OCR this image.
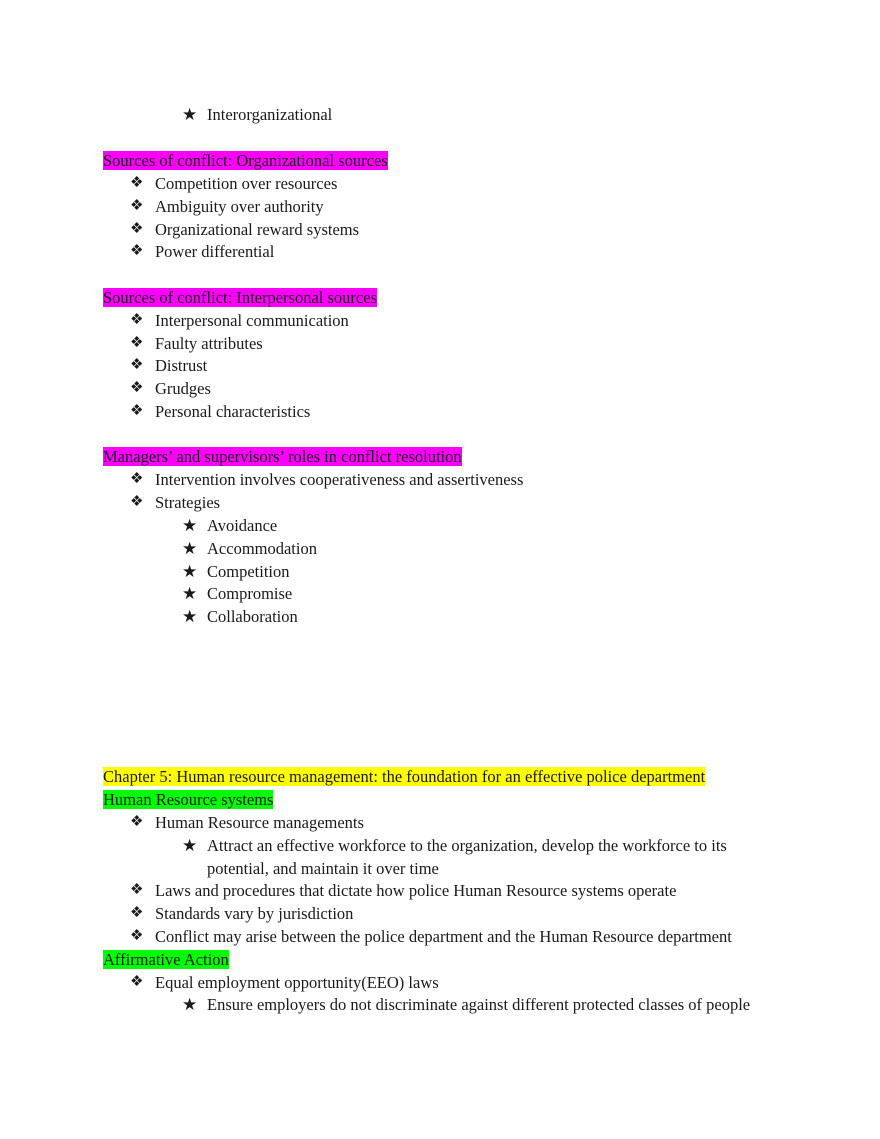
★ Interorganizational
Sources of conflict: Organizational sources
❖ Competition over resources
❖ Ambiguity over authority
❖ Organizational reward systems
❖ Power differential
Sources of conflict: Interpersonal sources
❖ Interpersonal communication
❖ Faulty attributes
❖ Distrust
❖ Grudges
❖ Personal characteristics
Managers’ and supervisors’ roles in conflict resolution
❖ Intervention involves cooperativeness and assertiveness
❖ Strategies
★ Avoidance
★ Accommodation
★ Competition
★ Compromise
★ Collaboration
Chapter 5: Human resource management: the foundation for an effective police department
Human Resource systems
❖ Human Resource managements
★ Attract an effective workforce to the organization, develop the workforce to its
potential, and maintain it over time
❖ Laws and procedures that dictate how police Human Resource systems operate
❖ Standards vary by jurisdiction
❖ Conflict may arise between the police department and the Human Resource department
Affirmative Action
❖ Equal employment opportunity(EEO) laws
★ Ensure employers do not discriminate against different protected classes of people
